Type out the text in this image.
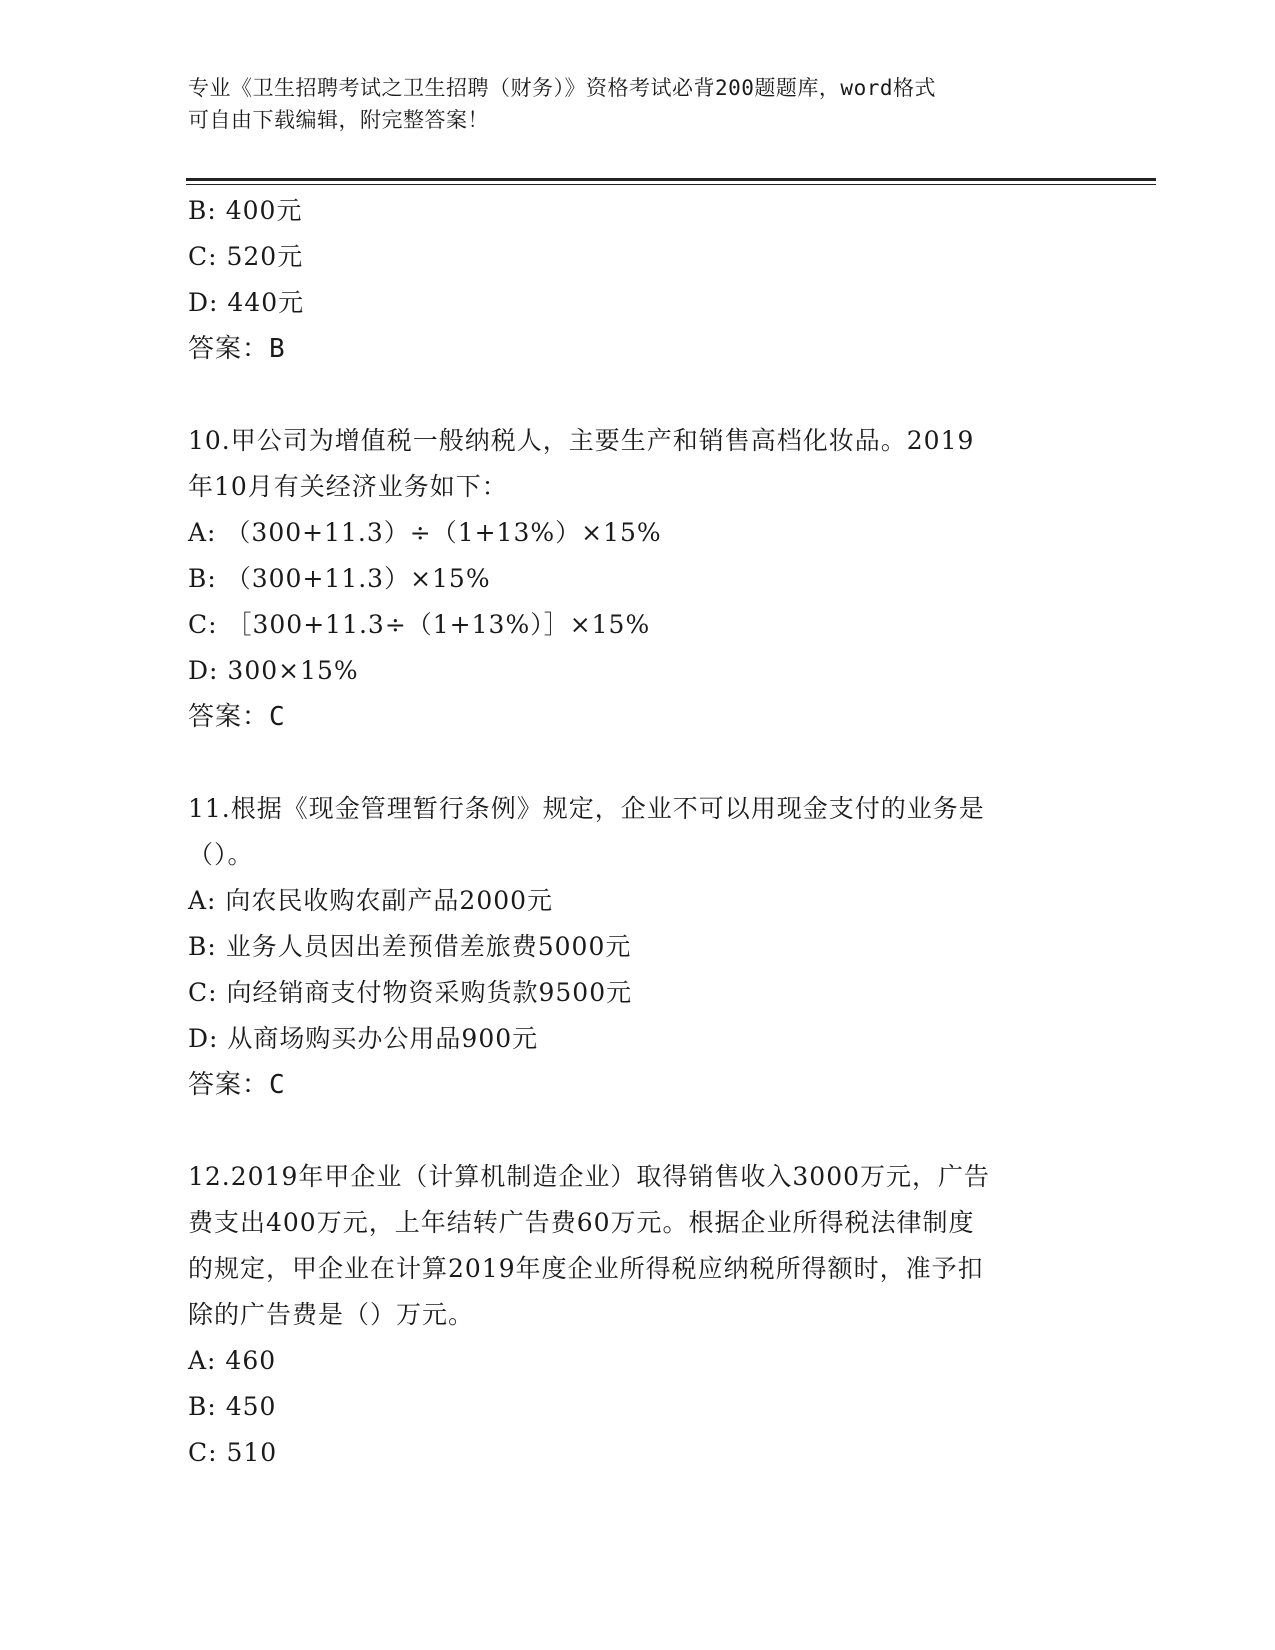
专业《卫生招聘考试之卫生招聘（财务）》资格考试必背200题题库，word格式
可自由下载编辑，附完整答案！
B: 400元
C: 520元
D: 440元
答案：B
10.甲公司为增值税一般纳税人，主要生产和销售高档化妆品。2019
年10月有关经济业务如下：
A: （300+11.3）÷（1+13%）×15%
B: （300+11.3）×15%
C: ［300+11.3÷（1+13%）］×15%
D: 300×15%
答案：C
11.根据《现金管理暂行条例》规定，企业不可以用现金支付的业务是
（）。
A: 向农民收购农副产品2000元
B: 业务人员因出差预借差旅费5000元
C: 向经销商支付物资采购货款9500元
D: 从商场购买办公用品900元
答案：C
12.2019年甲企业（计算机制造企业）取得销售收入3000万元，广告
费支出400万元，上年结转广告费60万元。根据企业所得税法律制度
的规定，甲企业在计算2019年度企业所得税应纳税所得额时，准予扣
除的广告费是（）万元。
A: 460
B: 450
C: 510
